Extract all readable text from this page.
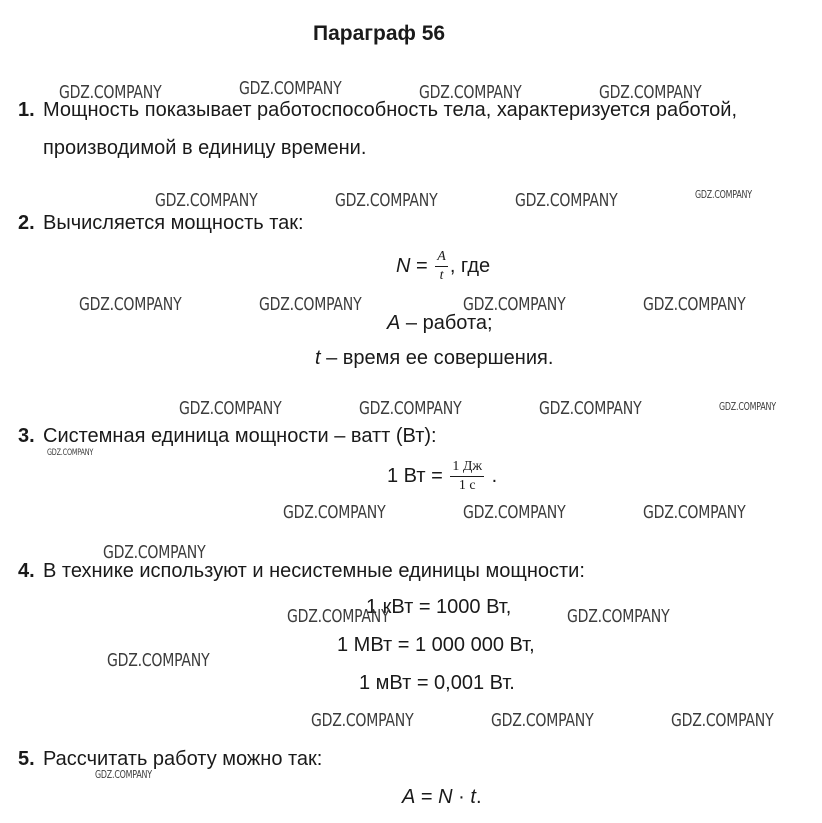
Параграф 56
1. Мощность показывает работоспособность тела, характеризуется работой,
производимой в единицу времени.
2. Вычисляется мощность так:
$N = \frac{A}{t}$ , где
A – работа;
t – время ее совершения.
3. Системная единица мощности – ватт (Вт):
1 Вт = $\frac{1 Дж}{1 с}$ .
4. В технике используют и несистемные единицы мощности:
1 кВт = 1000 Вт,
1 МВт = 1 000 000 Вт,
1 мВт = 0,001 Вт.
5. Рассчитать работу можно так:
A = N · t.
GDZ.COMPANY	GDZ.COMPANY	GDZ.COMPANY	GDZ.COMPANY
GDZ.COMPANY	GDZ.COMPANY	GDZ.COMPANY	GDZ.COMPANY
GDZ.COMPANY	GDZ.COMPANY	GDZ.COMPANY	GDZ.COMPANY
GDZ.COMPANY	GDZ.COMPANY	GDZ.COMPANY	GDZ.COMPANY
GDZ.COMPANY
GDZ.COMPANY	GDZ.COMPANY	GDZ.COMPANY
GDZ.COMPANY
GDZ.COMPANY	GDZ.COMPANY
GDZ.COMPANY
GDZ.COMPANY	GDZ.COMPANY	GDZ.COMPANY
GDZ.COMPANY
